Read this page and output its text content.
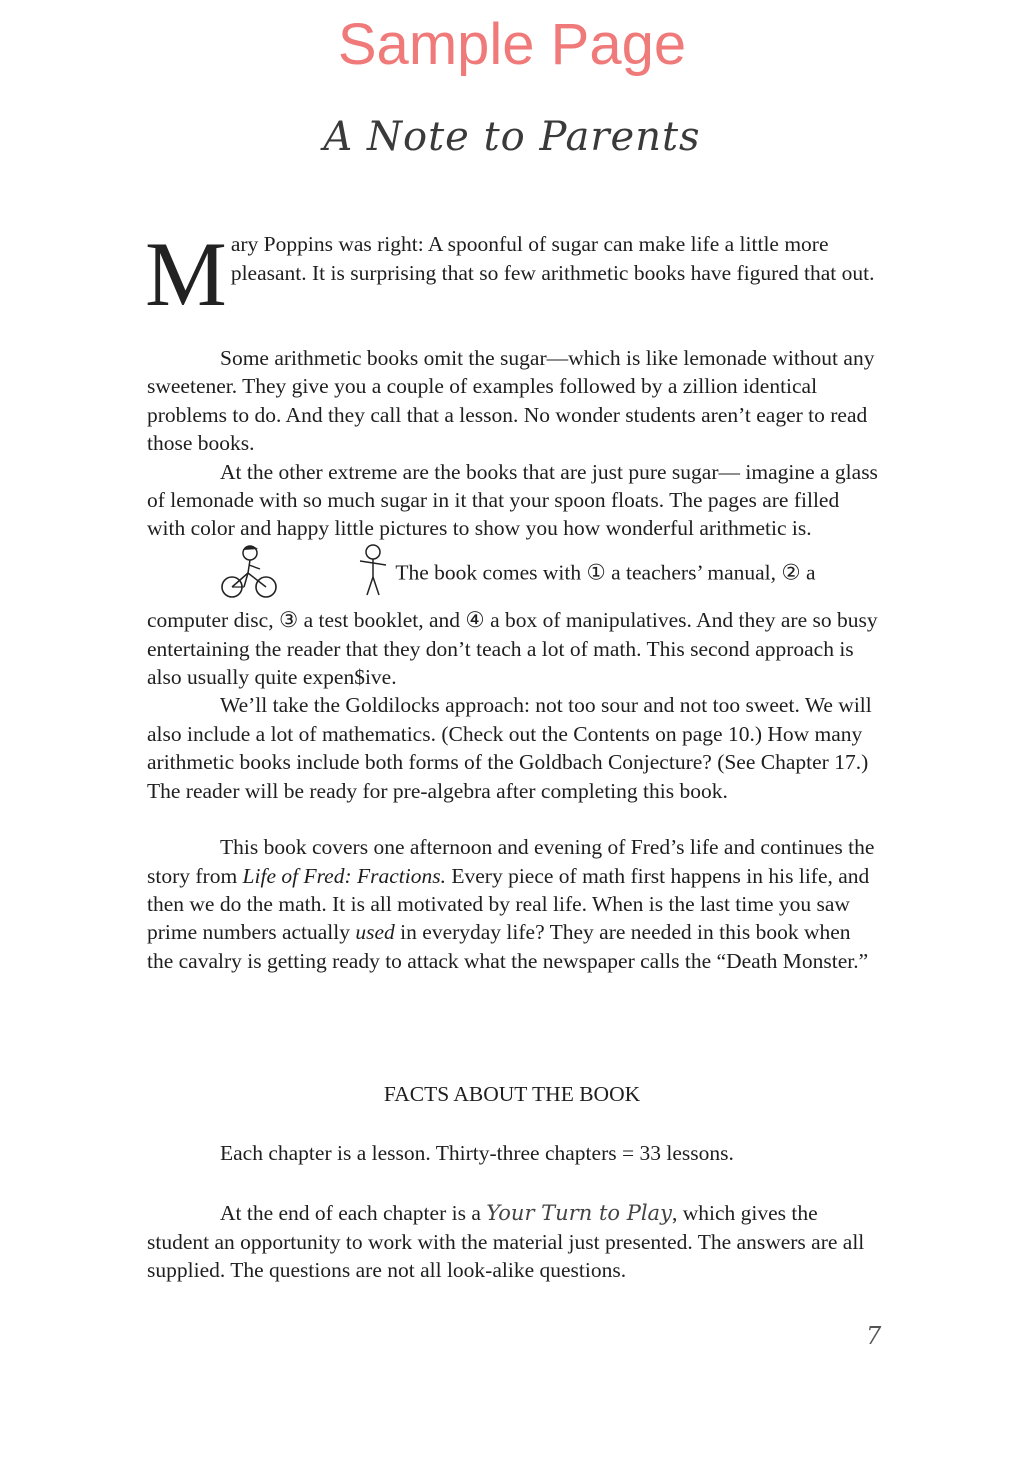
Sample Page
A Note to Parents
M ary Poppins was right: A spoonful of sugar can make life a little more pleasant. It is surprising that so few arithmetic books have figured that out.

Some arithmetic books omit the sugar—which is like lemonade without any sweetener. They give you a couple of examples followed by a zillion identical problems to do. And they call that a lesson. No wonder students aren’t eager to read those books.

At the other extreme are the books that are just pure sugar— imagine a glass of lemonade with so much sugar in it that your spoon floats. The pages are filled with color and happy little pictures to show you how wonderful arithmetic is.   The book comes with ① a teachers’ manual, ② a computer disc, ③ a test booklet, and ④ a box of manipulatives. And they are so busy entertaining the reader that they don’t teach a lot of math. This second approach is also usually quite expen$ive.

We’ll take the Goldilocks approach: not too sour and not too sweet. We will also include a lot of mathematics. (Check out the Contents on page 10.) How many arithmetic books include both forms of the Goldbach Conjecture? (See Chapter 17.) The reader will be ready for pre-algebra after completing this book.

This book covers one afternoon and evening of Fred’s life and continues the story from Life of Fred: Fractions. Every piece of math first happens in his life, and then we do the math. It is all motivated by real life. When is the last time you saw prime numbers actually used in everyday life? They are needed in this book when the cavalry is getting ready to attack what the newspaper calls the “Death Monster.”

FACTS ABOUT THE BOOK

Each chapter is a lesson. Thirty-three chapters = 33 lessons.

At the end of each chapter is a Your Turn to Play, which gives the student an opportunity to work with the material just presented. The answers are all supplied. The questions are not all look-alike questions.

7
